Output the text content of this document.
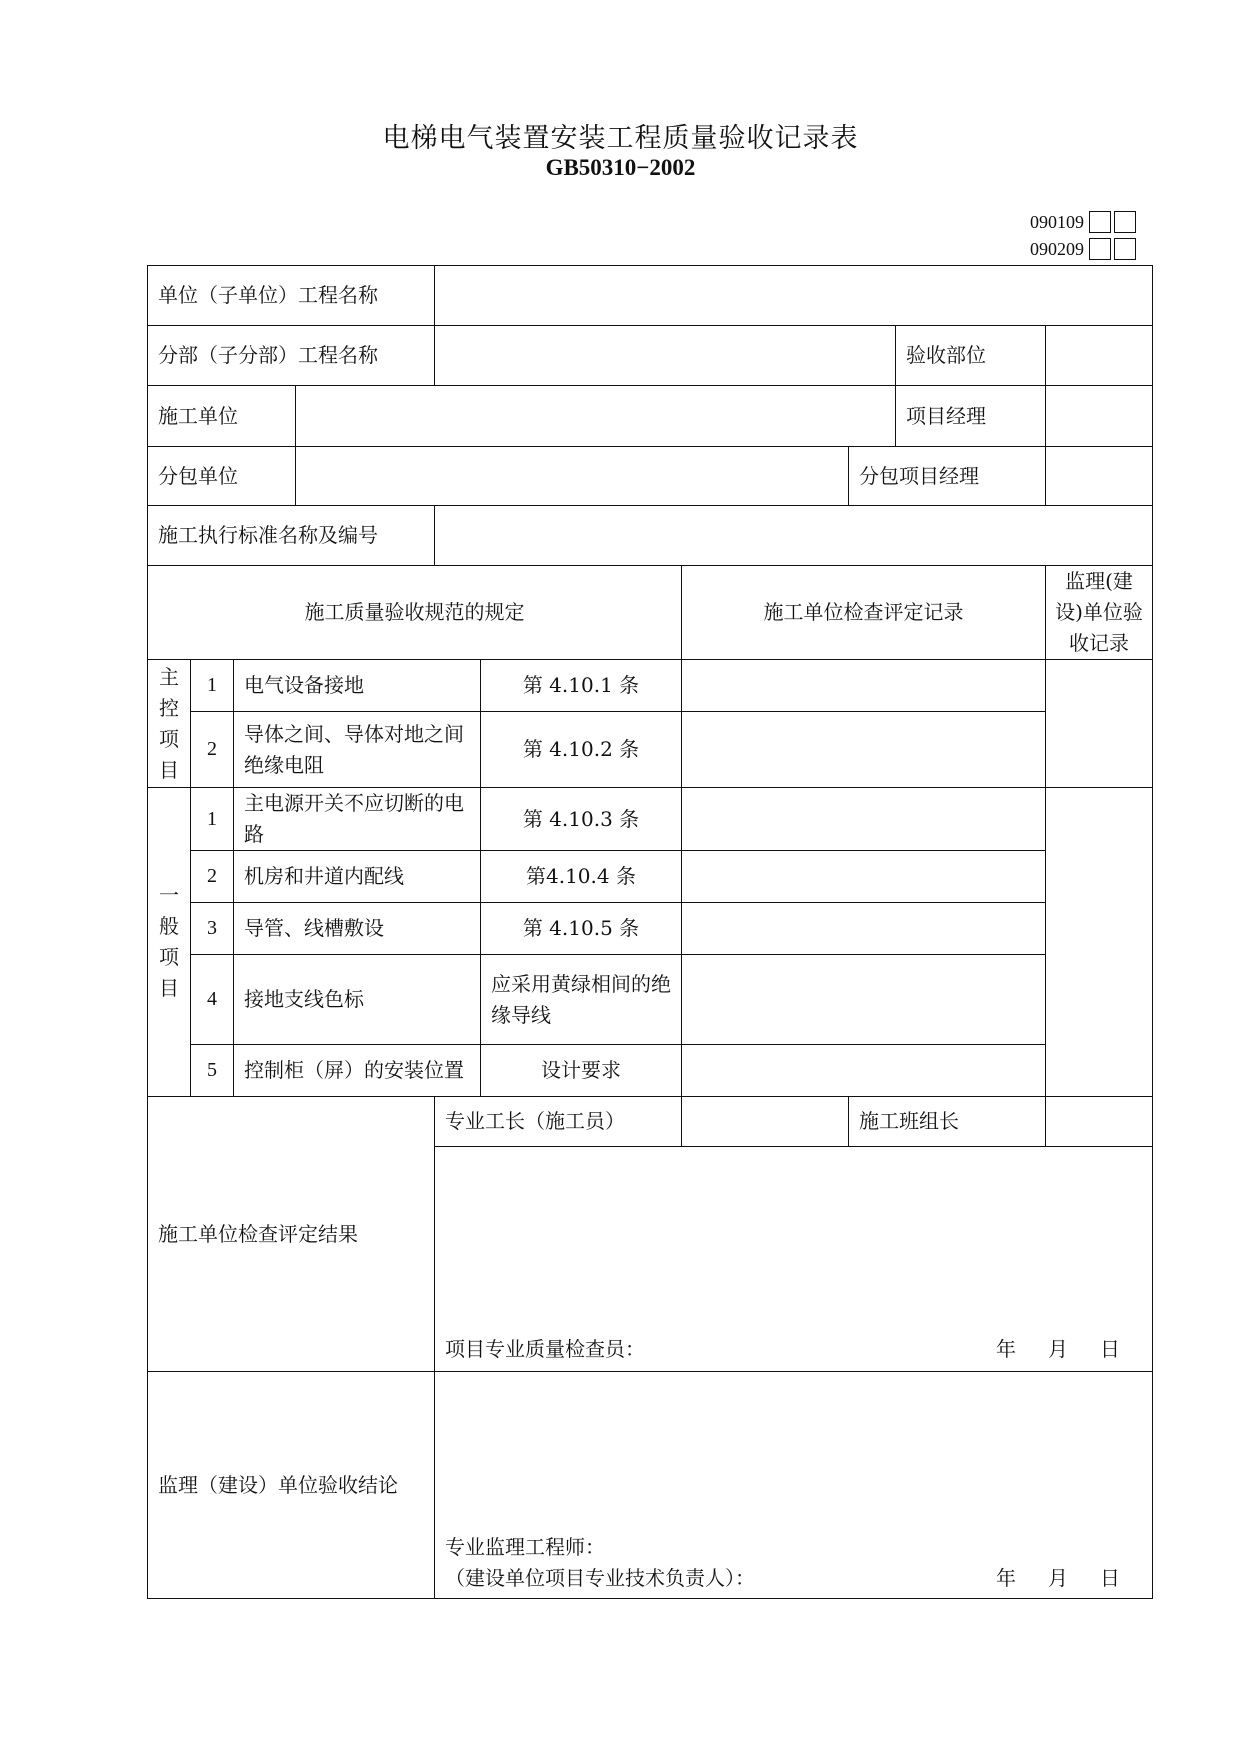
电梯电气装置安装工程质量验收记录表
GB50310−2002
090109
090209
单位（子单位）工程名称									
分部（子分部）工程名称								验收部位	
施工单位								项目经理	
分包单位							分包项目经理		
施工执行标准名称及编号									
施工质量验收规范的规定						施工单位检查评定记录			监理(建设)单位验收记录

主控项目	1	电气设备接地			第 4.10.1 条				
	2	导体之间、导体对地之间绝缘电阻			第 4.10.2 条				

一般项目	1	主电源开关不应切断的电路			第 4.10.3 条				
	2	机房和井道内配线			第4.10.4 条				
	3	导管、线槽敷设			第 4.10.5 条				
	4	接地支线色标			应采用黄绿相间的绝缘导线				
	5	控制柜（屏）的安装位置			设计要求				
施工单位检查评定结果				专业工长（施工员）			施工班组长		

				项目专业质量检查员： 年 月 日					

监理（建设）单位验收结论				专业监理工程师：
（建设单位项目专业技术负责人）： 年 月 日					
